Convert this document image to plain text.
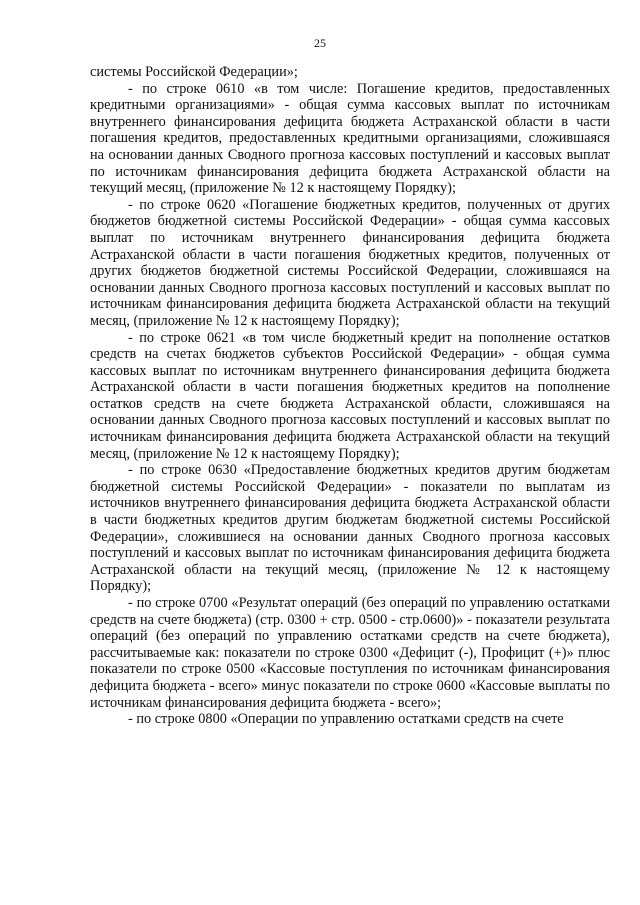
25

системы Российской Федерации»;

- по строке 0610 «в том числе: Погашение кредитов, предоставленных кредитными организациями» - общая сумма кассовых выплат по источникам внутреннего финансирования дефицита бюджета Астраханской области в части погашения кредитов, предоставленных кредитными организациями, сложившаяся на основании данных Сводного прогноза кассовых поступлений и кассовых выплат по источникам финансирования дефицита бюджета Астраханской области на текущий месяц, (приложение № 12 к настоящему Порядку);

- по строке 0620 «Погашение бюджетных кредитов, полученных от других бюджетов бюджетной системы Российской Федерации» - общая сумма кассовых выплат по источникам внутреннего финансирования дефицита бюджета Астраханской области в части погашения бюджетных кредитов, полученных от других бюджетов бюджетной системы Российской Федерации, сложившаяся на основании данных Сводного прогноза кассовых поступлений и кассовых выплат по источникам финансирования дефицита бюджета Астраханской области на текущий месяц, (приложение № 12 к настоящему Порядку);

- по строке 0621 «в том числе бюджетный кредит на пополнение остатков средств на счетах бюджетов субъектов Российской Федерации» - общая сумма кассовых выплат по источникам внутреннего финансирования дефицита бюджета Астраханской области в части погашения бюджетных кредитов на пополнение остатков средств на счете бюджета Астраханской области, сложившаяся на основании данных Сводного прогноза кассовых поступлений и кассовых выплат по источникам финансирования дефицита бюджета Астраханской области на текущий месяц, (приложение № 12 к настоящему Порядку);

- по строке 0630 «Предоставление бюджетных кредитов другим бюджетам бюджетной системы Российской Федерации» - показатели по выплатам из источников внутреннего финансирования дефицита бюджета Астраханской области в части бюджетных кредитов другим бюджетам бюджетной системы Российской Федерации», сложившиеся на основании данных Сводного прогноза кассовых поступлений и кассовых выплат по источникам финансирования дефицита бюджета Астраханской области на текущий месяц, (приложение № 12 к настоящему Порядку);

- по строке 0700 «Результат операций (без операций по управлению остатками средств на счете бюджета) (стр. 0300 + стр. 0500 - стр.0600)» - показатели результата операций (без операций по управлению остатками средств на счете бюджета), рассчитываемые как: показатели по строке 0300 «Дефицит (-), Профицит (+)» плюс показатели по строке 0500 «Кассовые поступления по источникам финансирования дефицита бюджета - всего» минус показатели по строке 0600 «Кассовые выплаты по источникам финансирования дефицита бюджета - всего»;

- по строке 0800 «Операции по управлению остатками средств на счете
